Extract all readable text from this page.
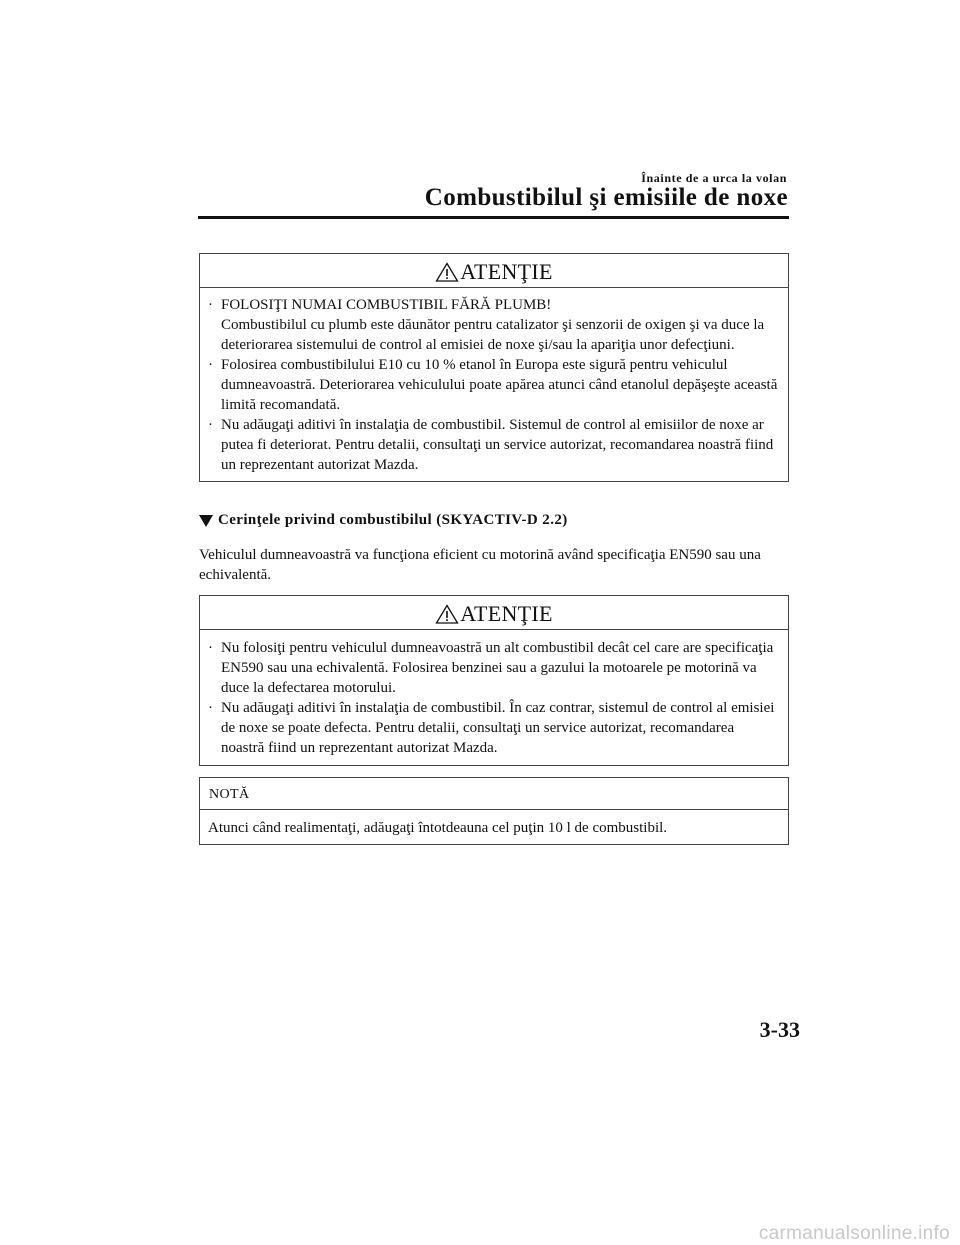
Înainte de a urca la volan
Combustibilul şi emisiile de noxe
ATENŢIE
· FOLOSIŢI NUMAI COMBUSTIBIL FĂRĂ PLUMB!
Combustibilul cu plumb este dăunător pentru catalizator şi senzorii de oxigen şi va duce la deteriorarea sistemului de control al emisiei de noxe şi/sau la apariţia unor defecţiuni.
· Folosirea combustibilului E10 cu 10 % etanol în Europa este sigură pentru vehiculul dumneavoastră. Deteriorarea vehiculului poate apărea atunci când etanolul depăşeşte această limită recomandată.
· Nu adăugaţi aditivi în instalaţia de combustibil. Sistemul de control al emisiilor de noxe ar putea fi deteriorat. Pentru detalii, consultaţi un service autorizat, recomandarea noastră fiind un reprezentant autorizat Mazda.
Cerinţele privind combustibilul (SKYACTIV-D 2.2)
Vehiculul dumneavoastră va funcţiona eficient cu motorină având specificaţia EN590 sau una echivalentă.
ATENŢIE
· Nu folosiţi pentru vehiculul dumneavoastră un alt combustibil decât cel care are specificaţia EN590 sau una echivalentă. Folosirea benzinei sau a gazului la motoarele pe motorină va duce la defectarea motorului.
· Nu adăugaţi aditivi în instalaţia de combustibil. În caz contrar, sistemul de control al emisiei de noxe se poate defecta. Pentru detalii, consultaţi un service autorizat, recomandarea noastră fiind un reprezentant autorizat Mazda.
NOTĂ
Atunci când realimentaţi, adăugaţi întotdeauna cel puţin 10 l de combustibil.
3-33
carmanualsonline.info
